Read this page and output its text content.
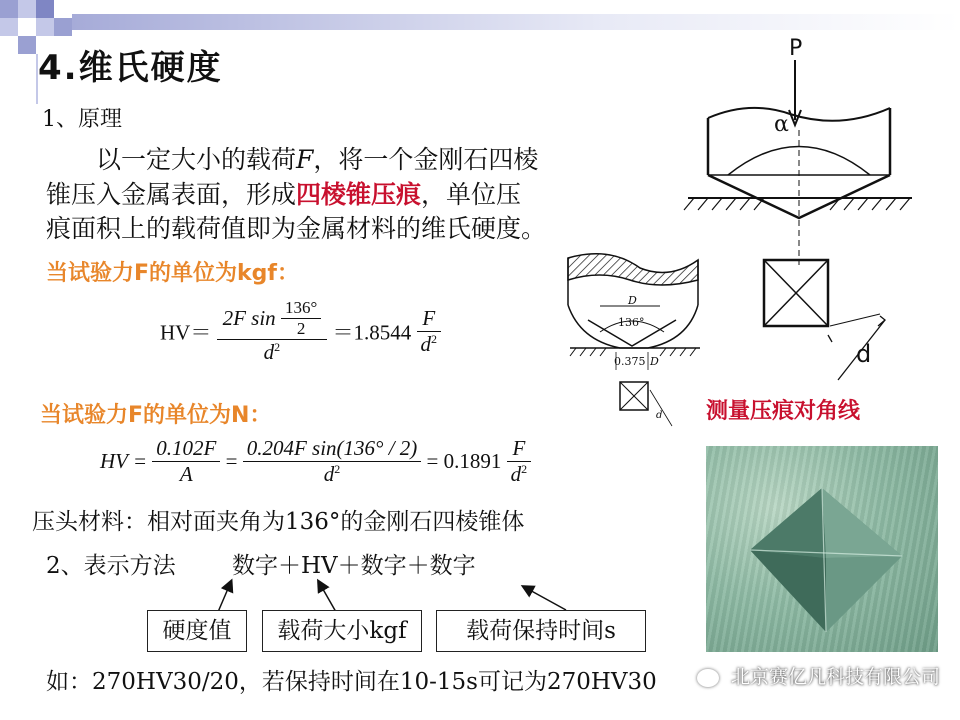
4.维氏硬度
1、原理
以一定大小的载荷F，将一个金刚石四棱
锥压入金属表面，形成四棱锥压痕，单位压
痕面积上的载荷值即为金属材料的维氏硬度。
当试验力F的单位为kgf：
$HV= \frac{2F \sin \frac{136^\circ}{2}}{d^2} =1.8544 \frac{F}{d^2}$
当试验力F的单位为N：
HV = $\frac{0.102F}{A} = \frac{\text{0.204F sin(136° / 2)}}{d^2} = 0.1891 \frac{F}{d^2}$
压头材料：相对面夹角为136°的金刚石四棱锥体
2、表示方法 数字＋HV＋数字＋数字
硬度值	载荷大小kgf	载荷保持时间s
如：270HV30/20，若保持时间在10-15s可记为270HV30
P
α
d
D
136°
0.375 D
d 测量压痕对角线
北京赛亿凡科技有限公司
